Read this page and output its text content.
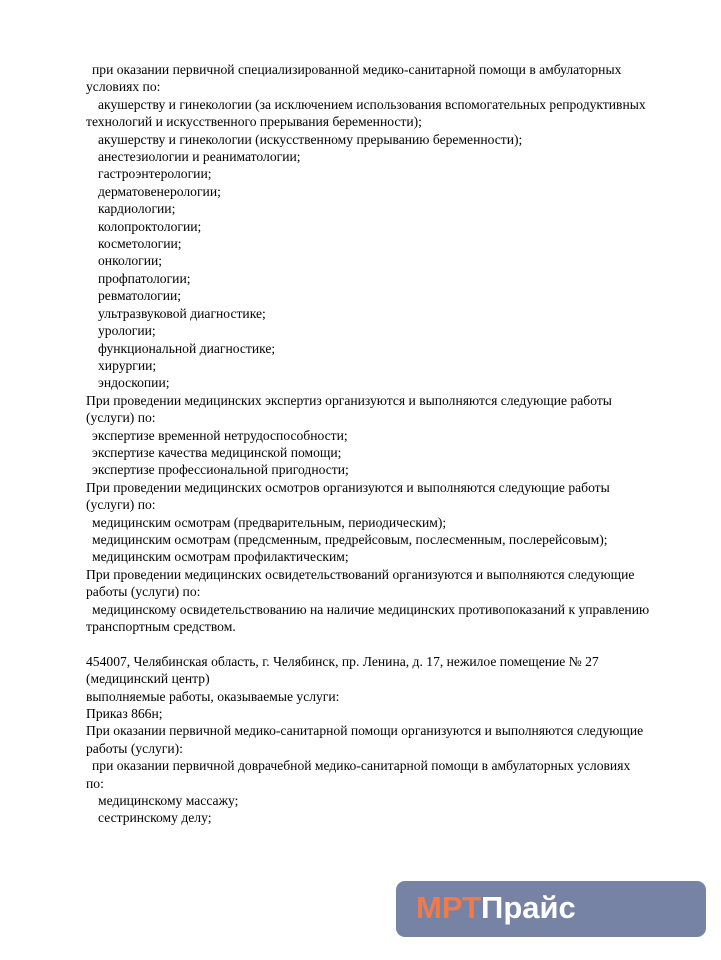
при оказании первичной специализированной медико-санитарной помощи в амбулаторных
условиях по:
акушерству и гинекологии (за исключением использования вспомогательных репродуктивных
технологий и искусственного прерывания беременности);
акушерству и гинекологии (искусственному прерыванию беременности);
анестезиологии и реаниматологии;
гастроэнтерологии;
дерматовенерологии;
кардиологии;
колопроктологии;
косметологии;
онкологии;
профпатологии;
ревматологии;
ультразвуковой диагностике;
урологии;
функциональной диагностике;
хирургии;
эндоскопии;
При проведении медицинских экспертиз организуются и выполняются следующие работы
(услуги) по:
экспертизе временной нетрудоспособности;
экспертизе качества медицинской помощи;
экспертизе профессиональной пригодности;
При проведении медицинских осмотров организуются и выполняются следующие работы
(услуги) по:
медицинским осмотрам (предварительным, периодическим);
медицинским осмотрам (предсменным, предрейсовым, послесменным, послерейсовым);
медицинским осмотрам профилактическим;
При проведении медицинских освидетельствований организуются и выполняются следующие
работы (услуги) по:
медицинскому освидетельствованию на наличие медицинских противопоказаний к управлению
транспортным средством.
454007, Челябинская область, г. Челябинск, пр. Ленина, д. 17, нежилое помещение № 27
(медицинский центр)
выполняемые работы, оказываемые услуги:
Приказ 866н;
При оказании первичной медико-санитарной помощи организуются и выполняются следующие
работы (услуги):
при оказании первичной доврачебной медико-санитарной помощи в амбулаторных условиях
по:
медицинскому массажу;
сестринскому делу;
МРТПрайс
